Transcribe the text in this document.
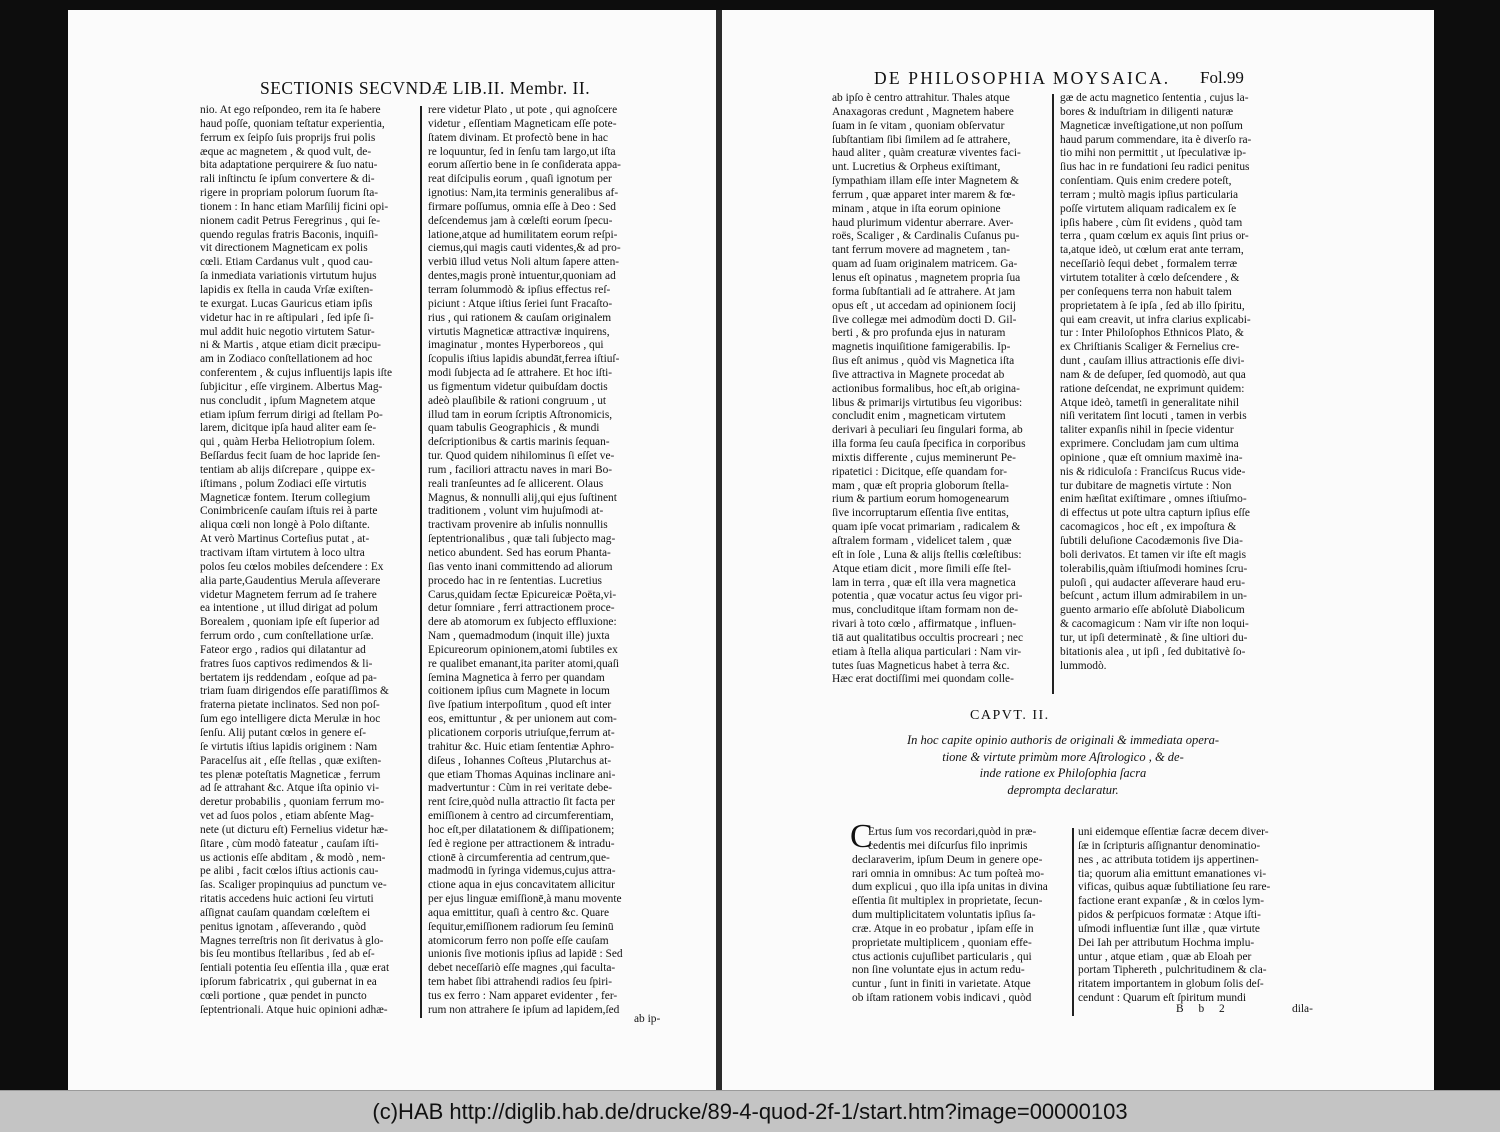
SECTIONIS SECVNDÆ LIB.II. Membr. II.

nio. At ego reſpondeo, rem ita ſe habere

haud poſſe, quoniam teſtatur experientia,

ferrum ex ſeipſo ſuis proprijs frui polis

æque ac magnetem , & quod vult, de-

bita adaptatione perquirere & ſuo natu-

rali inſtinctu ſe ipſum convertere & di-

rigere in propriam polorum ſuorum ſta-

tionem : In hanc etiam Marſilij ficini opi-

nionem cadit Petrus Feregrinus , qui ſe-

quendo regulas fratris Baconis, inquiſi-

vit directionem Magneticam ex polis

cœli. Etiam Cardanus vult , quod cau-

ſa inmediata variationis virtutum hujus

lapidis ex ſtella in cauda Vrſæ exiſten-

te exurgat. Lucas Gauricus etiam ipſis

videtur hac in re aſtipulari , ſed ipſe ſi-

mul addit huic negotio virtutem Satur-

ni & Martis , atque etiam dicit præcipu-

am in Zodiaco conſtellationem ad hoc

conferentem , & cujus influentijs lapis iſte

ſubjicitur , eſſe virginem. Albertus Mag-

nus concludit , ipſum Magnetem atque

etiam ipſum ferrum dirigi ad ſtellam Po-

larem, dicitque ipſa haud aliter eam ſe-

qui , quàm Herba Heliotropium ſolem.

Beſſardus fecit ſuam de hoc lapride ſen-

tentiam ab alijs diſcrepare , quippe ex-

iſtimans , polum Zodiaci eſſe virtutis

Magneticæ fontem. Iterum collegium

Conimbricenſe cauſam iſtuis rei à parte

aliqua cœli non longè à Polo diſtante.

At verò Martinus Corteſius putat , at-

tractivam iſtam virtutem à loco ultra

polos ſeu cœlos mobiles deſcendere : Ex

alia parte,Gaudentius Merula aſſeverare

videtur Magnetem ferrum ad ſe trahere

ea intentione , ut illud dirigat ad polum

Borealem , quoniam ipſe eſt ſuperior ad

ferrum ordo , cum conſtellatione urſæ.

Fateor ergo , radios qui dilatantur ad

fratres ſuos captivos redimendos & li-

bertatem ijs reddendam , eoſque ad pa-

triam ſuam dirigendos eſſe paratiſſimos &

fraterna pietate inclinatos. Sed non poſ-

ſum ego intelligere dicta Merulæ in hoc

ſenſu. Alij putant cœlos in genere eſ-

ſe virtutis iſtius lapidis originem : Nam

Paracelſus ait , eſſe ſtellas , quæ exiſten-

tes plenæ poteſtatis Magneticæ , ferrum

ad ſe attrahant &c. Atque iſta opinio vi-

deretur probabilis , quoniam ferrum mo-

vet ad ſuos polos , etiam abſente Mag-

nete (ut dicturu eſt) Fernelius videtur hæ-

ſitare , cùm modò fateatur , cauſam iſti-

us actionis eſſe abditam , & modò , nem-

pe alibi , facit cœlos iſtius actionis cau-

ſas. Scaliger propinquius ad punctum ve-

ritatis accedens huic actioni ſeu virtuti

aſſignat cauſam quandam cœleſtem ei

penitus ignotam , aſſeverando , quòd

Magnes terreſtris non ſit derivatus à glo-

bis ſeu montibus ſtellaribus , ſed ab eſ-

ſentiali potentia ſeu eſſentia illa , quæ erat

ipſorum fabricatrix , qui gubernat in ea

cœli portione , quæ pendet in puncto

ſeptentrionali. Atque huic opinioni adhæ-

rere videtur Plato , ut pote , qui agnoſcere

videtur , eſſentiam Magneticam eſſe pote-

ſtatem divinam. Et profectò bene in hac

re loquuntur, ſed in ſenſu tam largo,ut iſta

eorum aſſertio bene in ſe conſiderata appa-

reat diſcipulis eorum , quaſi ignotum per

ignotius: Nam,ita terminis generalibus af-

firmare poſſumus, omnia eſſe à Deo : Sed

deſcendemus jam à cœleſti eorum ſpecu-

latione,atque ad humilitatem eorum reſpi-

ciemus,qui magis cauti videntes,& ad pro-

verbiū illud vetus Noli altum ſapere atten-

dentes,magis pronè intuentur,quoniam ad

terram ſolummodò & ipſius effectus reſ-

piciunt : Atque iſtius ſeriei ſunt Fracaſto-

rius , qui rationem & cauſam originalem

virtutis Magneticæ attractivæ inquirens,

imaginatur , montes Hyperboreos , qui

ſcopulis iſtius lapidis abundāt,ferrea iſtiuſ-

modi ſubjecta ad ſe attrahere. Et hoc iſti-

us figmentum videtur quibuſdam doctis

adeò plauſibile & rationi congruum , ut

illud tam in eorum ſcriptis Aſtronomicis,

quam tabulis Geographicis , & mundi

deſcriptionibus & cartis marinis ſequan-

tur. Quod quidem nihilominus ſi eſſet ve-

rum , faciliori attractu naves in mari Bo-

reali tranſeuntes ad ſe allicerent. Olaus

Magnus, & nonnulli alij,qui ejus ſuſtinent

traditionem , volunt vim hujuſmodi at-

tractivam provenire ab inſulis nonnullis

ſeptentrionalibus , quæ tali ſubjecto mag-

netico abundent. Sed has eorum Phanta-

ſias vento inani committendo ad aliorum

procedo hac in re ſententias. Lucretius

Carus,quidam ſectæ Epicureicæ Poëta,vi-

detur ſomniare , ferri attractionem proce-

dere ab atomorum ex ſubjecto effluxione:

Nam , quemadmodum (inquit ille) juxta

Epicureorum opinionem,atomi ſubtiles ex

re qualibet emanant,ita pariter atomi,quaſi

ſemina Magnetica à ferro per quandam

coitionem ipſius cum Magnete in locum

ſive ſpatium interpoſitum , quod eſt inter

eos, emittuntur , & per unionem aut com-

plicationem corporis utriuſque,ferrum at-

trahitur &c. Huic etiam ſententiæ Aphro-

diſeus , Iohannes Coſteus ,Plutarchus at-

que etiam Thomas Aquinas inclinare ani-

madvertuntur : Cùm in rei veritate debe-

rent ſcire,quòd nulla attractio ſit facta per

emiſſionem à centro ad circumferentiam,

hoc eſt,per dilatationem & diſſipationem;

ſed è regione per attractionem & intradu-

ctionē à circumferentia ad centrum,que-

madmodū in ſyringa videmus,cujus attra-

ctione aqua in ejus concavitatem allicitur

per ejus linguæ emiſſionē,à manu movente

aqua emittitur, quaſi à centro &c. Quare

ſequitur,emiſſionem radiorum ſeu ſeminū

atomicorum ferro non poſſe eſſe cauſam

unionis ſive motionis ipſius ad lapidē : Sed

debet neceſſariò eſſe magnes ,qui faculta-

tem habet ſibi attrahendi radios ſeu ſpiri-

tus ex ferro : Nam apparet evidenter , fer-

rum non attrahere ſe ipſum ad lapidem,ſed

ab ip-
DE PHILOSOPHIA MOYSAICA.	Fol.99

ab ipſo è centro attrahitur. Thales atque

Anaxagoras credunt , Magnetem habere

ſuam in ſe vitam , quoniam obſervatur

ſubſtantiam ſibi ſimilem ad ſe attrahere,

haud aliter , quàm creaturæ viventes faci-

unt. Lucretius & Orpheus exiſtimant,

ſympathiam illam eſſe inter Magnetem &

ferrum , quæ apparet inter marem & fœ-

minam , atque in iſta eorum opinione

haud plurimum videntur aberrare. Aver-

roës, Scaliger , & Cardinalis Cuſanus pu-

tant ferrum movere ad magnetem , tan-

quam ad ſuam originalem matricem. Ga-

lenus eſt opinatus , magnetem propria ſua

forma ſubſtantiali ad ſe attrahere. At jam

opus eſt , ut accedam ad opinionem ſocij

ſive collegæ mei admodùm docti D. Gil-

berti , & pro profunda ejus in naturam

magnetis inquiſitione famigerabilis. Ip-

ſius eſt animus , quòd vis Magnetica iſta

ſive attractiva in Magnete procedat ab

actionibus formalibus, hoc eſt,ab origina-

libus & primarijs virtutibus ſeu vigoribus:

concludit enim , magneticam virtutem

derivari à peculiari ſeu ſingulari forma, ab

illa forma ſeu cauſa ſpecifica in corporibus

mixtis differente , cujus meminerunt Pe-

ripatetici : Dicitque, eſſe quandam for-

mam , quæ eſt propria globorum ſtella-

rium & partium eorum homogenearum

ſive incorruptarum eſſentia ſive entitas,

quam ipſe vocat primariam , radicalem &

aſtralem formam , videlicet talem , quæ

eſt in ſole , Luna & alijs ſtellis cœleſtibus:

Atque etiam dicit , more ſimili eſſe ſtel-

lam in terra , quæ eſt illa vera magnetica

potentia , quæ vocatur actus ſeu vigor pri-

mus, concluditque iſtam formam non de-

rivari à toto cœlo , affirmatque , influen-

tiā aut qualitatibus occultis procreari ; nec

etiam à ſtella aliqua particulari : Nam vir-

tutes ſuas Magneticus habet à terra &c.

Hæc erat doctiſſimi mei quondam colle-

gæ de actu magnetico ſententia , cujus la-

bores & induſtriam in diligenti naturæ

Magneticæ inveſtigatione,ut non poſſum

haud parum commendare, ita è diverſo ra-

tio mihi non permittit , ut ſpeculativæ ip-

ſius hac in re fundationi ſeu radici penitus

conſentiam. Quis enim credere poteſt,

terram ; multò magis ipſius particularia

poſſe virtutem aliquam radicalem ex ſe

ipſis habere , cùm ſit evidens , quòd tam

terra , quam cœlum ex aquis ſint prius or-

ta,atque ideò, ut cœlum erat ante terram,

neceſſariò ſequi debet , formalem terræ

virtutem totaliter à cœlo deſcendere , &

per conſequens terra non habuit talem

proprietatem à ſe ipſa , ſed ab illo ſpiritu,

qui eam creavit, ut infra clarius explicabi-

tur : Inter Philoſophos Ethnicos Plato, &

ex Chriſtianis Scaliger & Fernelius cre-

dunt , cauſam illius attractionis eſſe divi-

nam & de deſuper, ſed quomodò, aut qua

ratione deſcendat, ne exprimunt quidem:

Atque ideò, tametſi in generalitate nihil

niſi veritatem ſint locuti , tamen in verbis

taliter expanſis nihil in ſpecie videntur

exprimere. Concludam jam cum ultima

opinione , quæ eſt omnium maximè ina-

nis & ridiculoſa : Franciſcus Rucus vide-

tur dubitare de magnetis virtute : Non

enim hæſitat exiſtimare , omnes iſtiuſmo-

di effectus ut pote ultra capturn ipſius eſſe

cacomagicos , hoc eſt , ex impoſtura &

ſubtili deluſione Cacodæmonis ſive Dia-

boli derivatos. Et tamen vir iſte eſt magis

tolerabilis,quàm iſtiuſmodi homines ſcru-

puloſi , qui audacter aſſeverare haud eru-

beſcunt , actum illum admirabilem in un-

guento armario eſſe abſolutè Diabolicum

& cacomagicum : Nam vir iſte non loqui-

tur, ut ipſi determinatè , & ſine ultiori du-

bitationis alea , ut ipſi , ſed dubitativè ſo-

lummodò.

CAPVT. II.

In hoc capite opinio authoris de originali & immediata opera-

tione & virtute primùm more Aſtrologico , & de-

inde ratione ex Philoſophia ſacra

deprompta declaratur.

C

Ertus ſum vos recordari,quòd in præ-

cedentis mei diſcurſus filo inprimis

declaraverim, ipſum Deum in genere ope-

rari omnia in omnibus: Ac tum poſteà mo-

dum explicui , quo illa ipſa unitas in divina

eſſentia ſit multiplex in proprietate, ſecun-

dum multiplicitatem voluntatis ipſius ſa-

cræ. Atque in eo probatur , ipſam eſſe in

proprietate multiplicem , quoniam effe-

ctus actionis cujuſlibet particularis , qui

non ſine voluntate ejus in actum redu-

cuntur , ſunt in finiti in varietate. Atque

ob iſtam rationem vobis indicavi , quòd

uni eidemque eſſentiæ ſacræ decem diver-

ſæ in ſcripturis aſſignantur denominatio-

nes , ac attributa totidem ijs appertinen-

tia; quorum alia emittunt emanationes vi-

vificas, quibus aquæ ſubtiliatione ſeu rare-

factione erant expanſæ , & in cœlos lym-

pidos & perſpicuos formatæ : Atque iſti-

uſmodi influentiæ ſunt illæ , quæ virtute

Dei Iah per attributum Hochma implu-

untur , atque etiam , quæ ab Eloah per

portam Tiphereth , pulchritudinem & cla-

ritatem importantem in globum ſolis deſ-

cendunt : Quarum eſt ſpiritum mundi

B b 2	dila-
(c)HAB http://diglib.hab.de/drucke/89-4-quod-2f-1/start.htm?image=00000103
